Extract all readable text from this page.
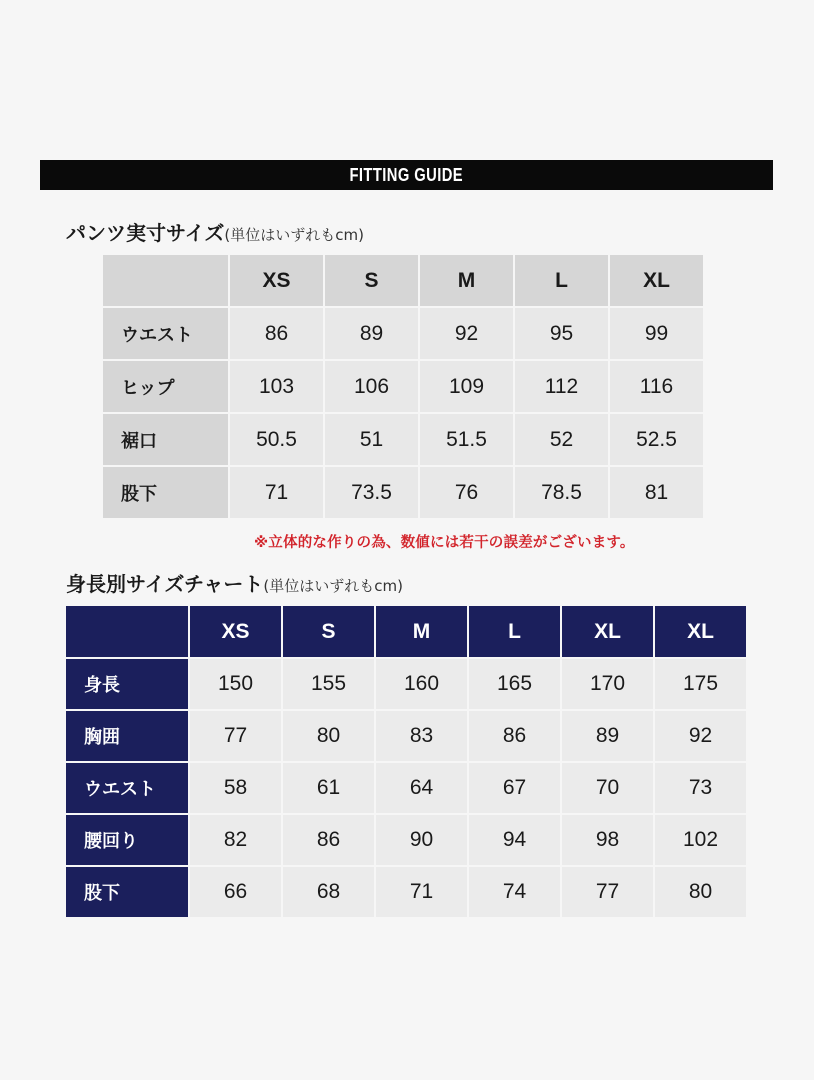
FITTING GUIDE
パンツ実寸サイズ(単位はいずれもcm)
	XS	S	M	L	XL
ウエスト	86	89	92	95	99
ヒップ	103	106	109	112	116
裾口	50.5	51	51.5	52	52.5
股下	71	73.5	76	78.5	81
※立体的な作りの為、数値には若干の誤差がございます。
身長別サイズチャート(単位はいずれもcm)
	XS	S	M	L	XL	XL
身長	150	155	160	165	170	175
胸囲	77	80	83	86	89	92
ウエスト	58	61	64	67	70	73
腰回り	82	86	90	94	98	102
股下	66	68	71	74	77	80
